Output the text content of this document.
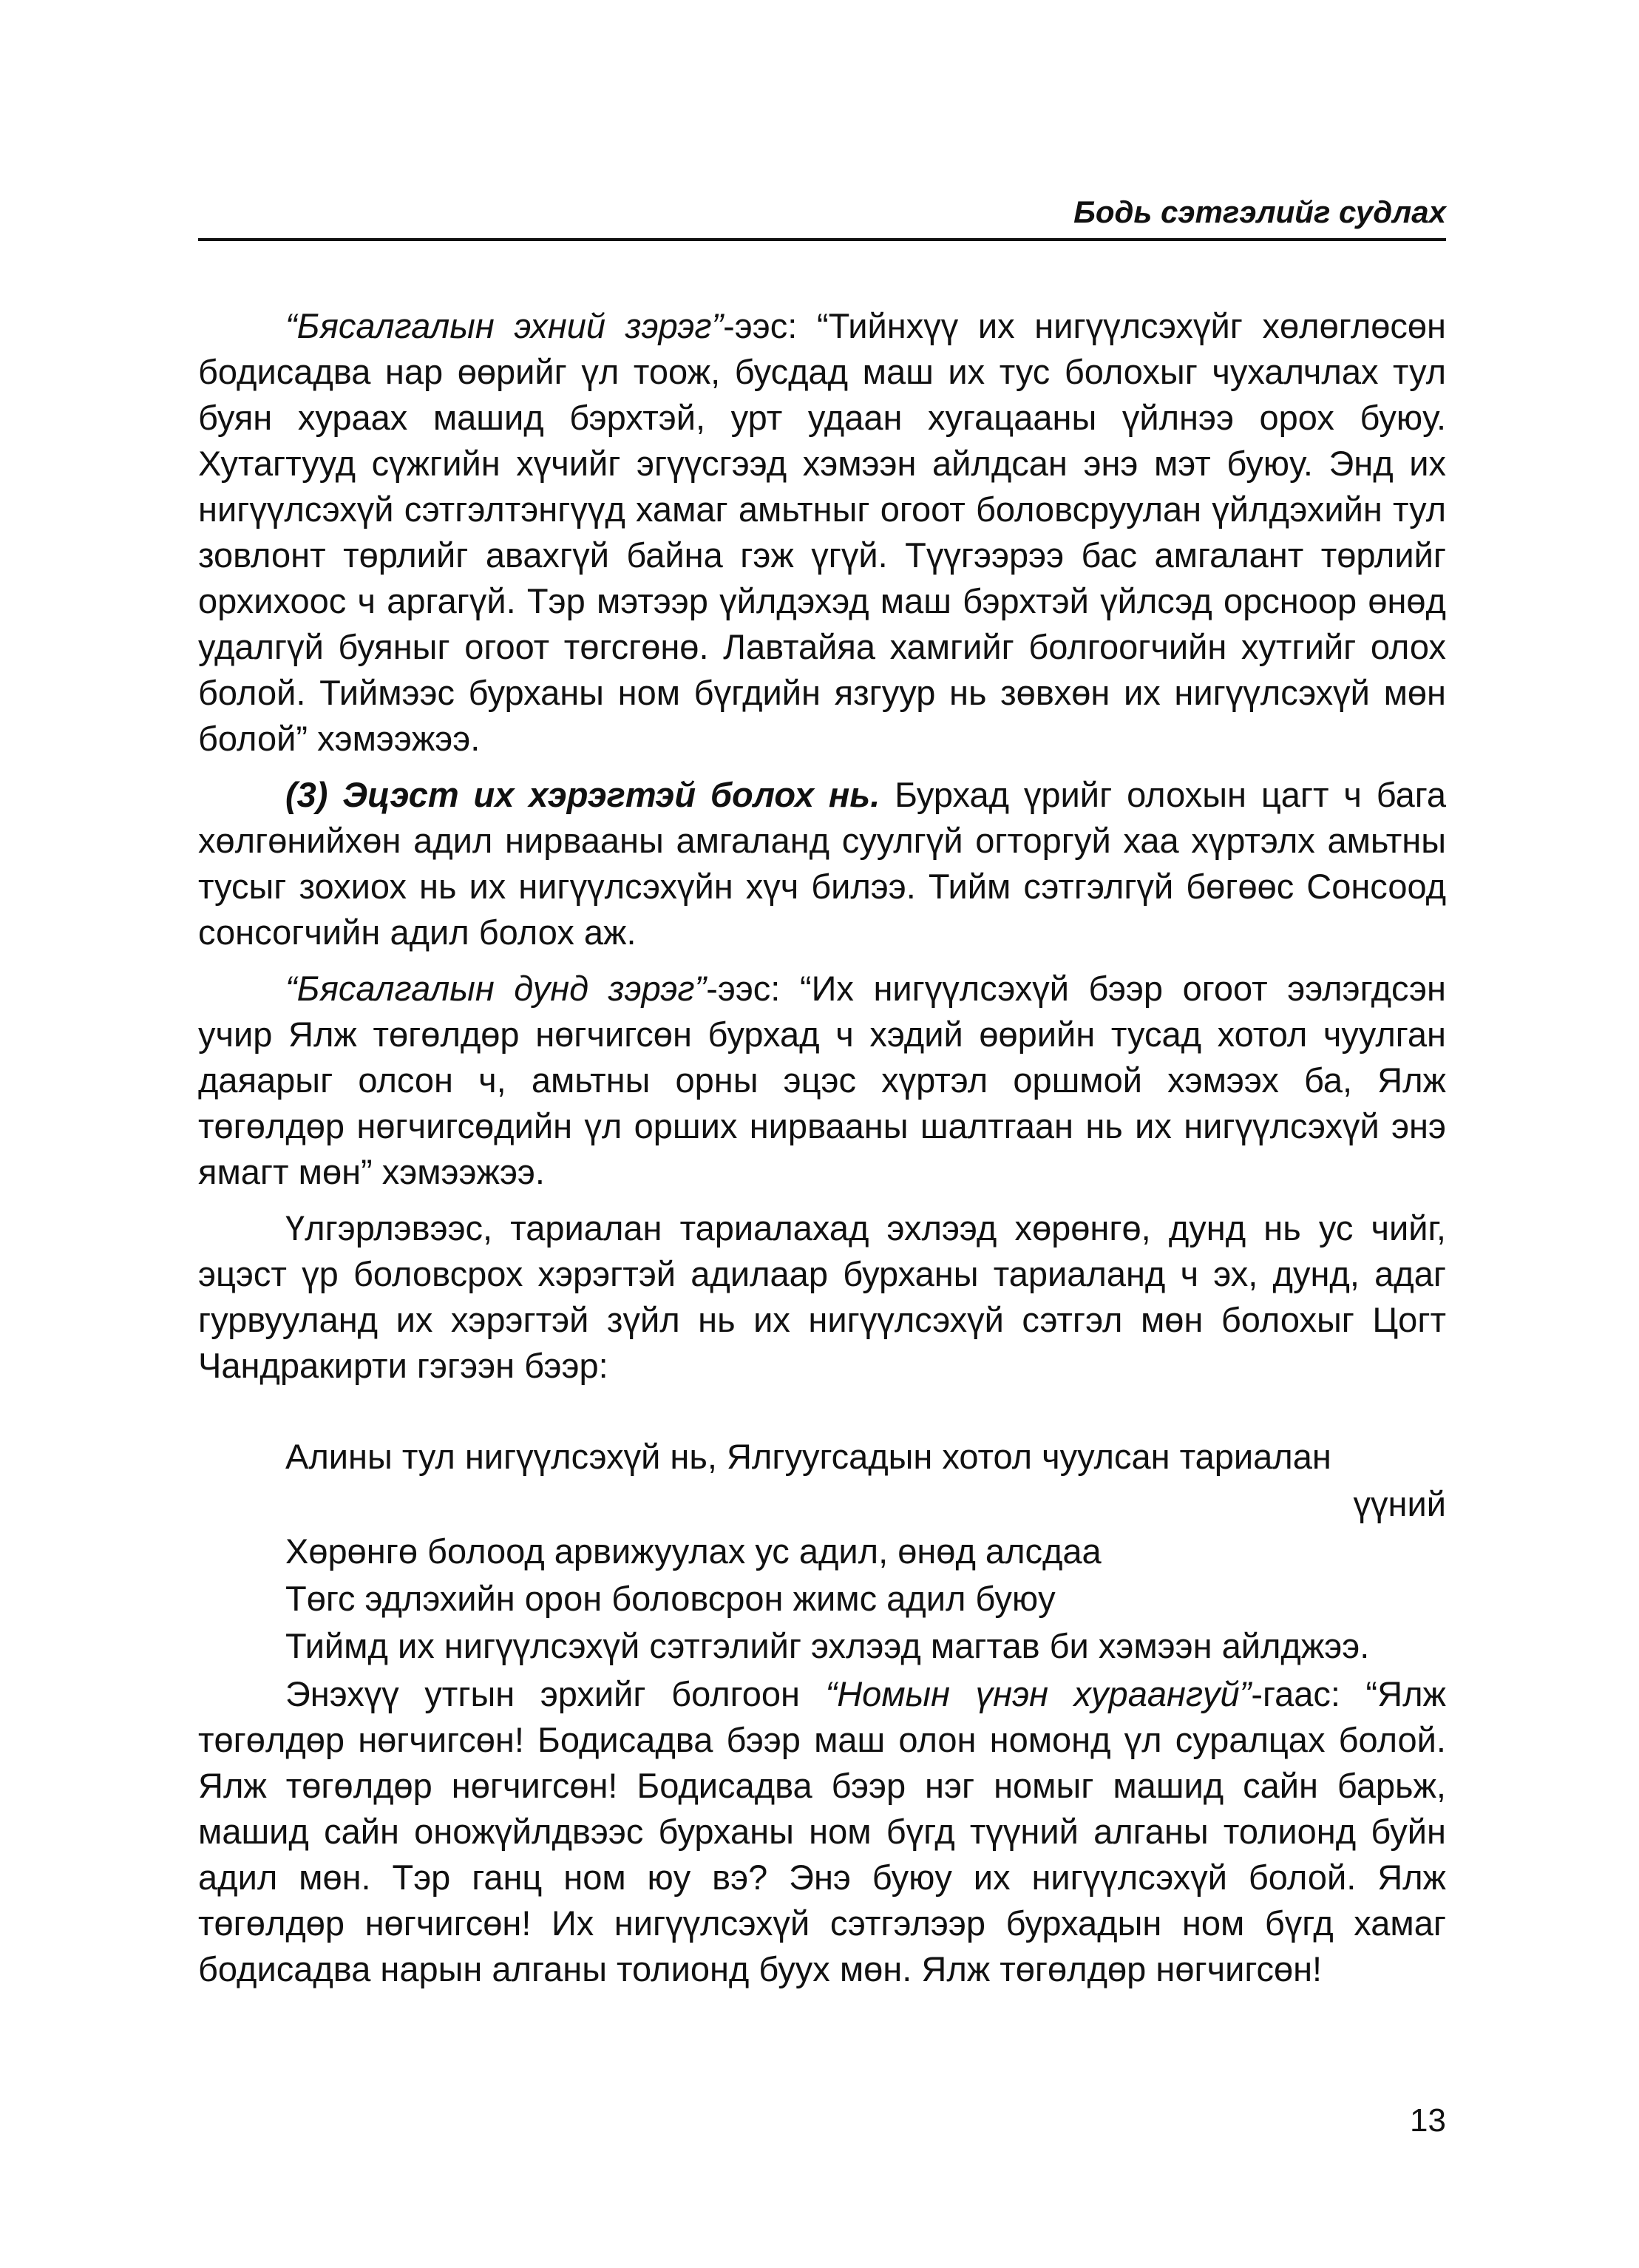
Бодь сэтгэлийг судлах

“Бясалгалын эхний зэрэг”-ээс: “Тийнхүү их нигүүлсэхүйг хөлөглөсөн бодисадва нар өөрийг үл тоож, бусдад маш их тус болохыг чухалчлах тул буян хураах машид бэрхтэй, урт удаан хугацааны үйлнээ орох буюу. Хутагтууд сүжгийн хүчийг эгүүсгээд хэмээн айлдсан энэ мэт буюу. Энд их нигүүлсэхүй сэтгэлтэнгүүд хамаг амьтныг огоот боловсруулан үйлдэхийн тул зовлонт төрлийг авахгүй байна гэж үгүй. Түүгээрээ бас амгалант төрлийг орхихоос ч аргагүй. Тэр мэтээр үйлдэхэд маш бэрхтэй үйлсэд орсноор өнөд удалгүй буяныг огоот төгсгөнө. Лавтайяа хамгийг болгоогчийн хутгийг олох болой. Тиймээс бурханы ном бүгдийн язгуур нь зөвхөн их нигүүлсэхүй мөн болой” хэмээжээ.

(3) Эцэст их хэрэгтэй болох нь. Бурхад үрийг олохын цагт ч бага хөлгөнийхөн адил нирвааны амгаланд суулгүй огторгуй хаа хүртэлх амьтны тусыг зохиох нь их нигүүлсэхүйн хүч билээ. Тийм сэтгэлгүй бөгөөс Сонсоод сонсогчийн адил болох аж.

“Бясалгалын дунд зэрэг”-ээс: “Их нигүүлсэхүй бээр огоот ээлэгдсэн учир Ялж төгөлдөр нөгчигсөн бурхад ч хэдий өөрийн тусад хотол чуулган даяарыг олсон ч, амьтны орны эцэс хүртэл оршмой хэмээх ба, Ялж төгөлдөр нөгчигсөдийн үл орших нирвааны шалтгаан нь их нигүүлсэхүй энэ ямагт мөн” хэмээжээ.

Үлгэрлэвээс, тариалан тариалахад эхлээд хөрөнгө, дунд нь ус чийг, эцэст үр боловсрох хэрэгтэй адилаар бурханы тариаланд ч эх, дунд, адаг гурвууланд их хэрэгтэй зүйл нь их нигүүлсэхүй сэтгэл мөн болохыг Цогт Чандракирти гэгээн бээр:

Алины тул нигүүлсэхүй нь, Ялгуугсадын хотол чуулсан тариалан
үүний
Хөрөнгө болоод арвижуулах ус адил, өнөд алсдаа
Төгс эдлэхийн орон боловсрон жимс адил буюу
Тиймд их нигүүлсэхүй сэтгэлийг эхлээд магтав би хэмээн айлджээ.

Энэхүү утгын эрхийг болгоон “Номын үнэн хураангуй”-гаас: “Ялж төгөлдөр нөгчигсөн! Бодисадва бээр маш олон номонд үл суралцах болой. Ялж төгөлдөр нөгчигсөн! Бодисадва бээр нэг номыг машид сайн барьж, машид сайн оножүйлдвээс бурханы ном бүгд түүний алганы толионд буйн адил мөн. Тэр ганц ном юу вэ? Энэ буюу их нигүүлсэхүй болой. Ялж төгөлдөр нөгчигсөн! Их нигүүлсэхүй сэтгэлээр бурхадын ном бүгд хамаг бодисадва нарын алганы толионд буух мөн. Ялж төгөлдөр нөгчигсөн!

13
